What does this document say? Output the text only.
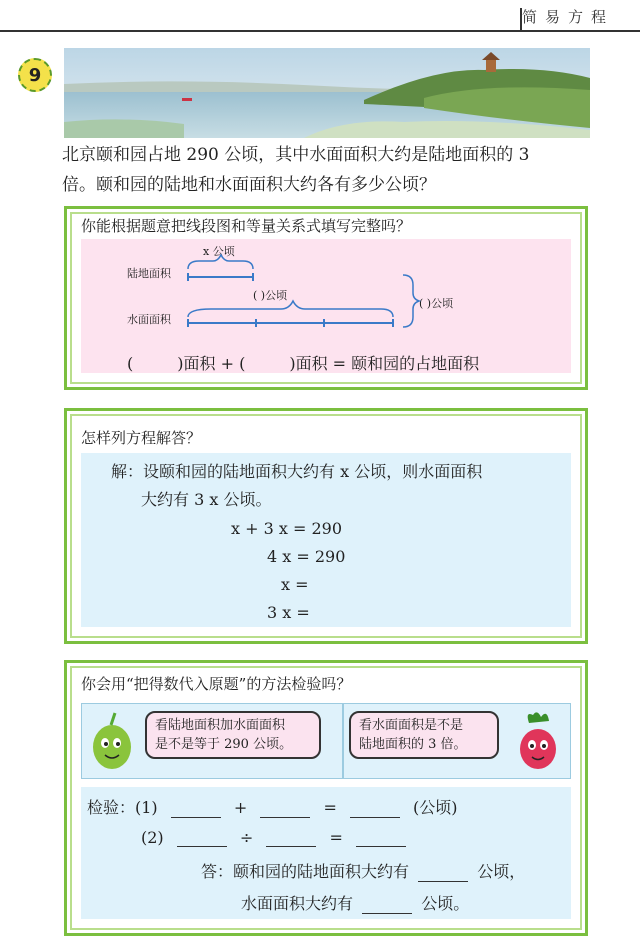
简易方程
9
北京颐和园占地 290 公顷，其中水面面积大约是陆地面积的 3
倍。颐和园的陆地和水面面积大约各有多少公顷？
你能根据题意把线段图和等量关系式填写完整吗？
x 公顷
陆地面积
水面面积
( )公顷
( )公顷
(	)面积 + (	)面积 = 颐和园的占地面积
怎样列方程解答？
解：设颐和园的陆地面积大约有 x 公顷，则水面面积
大约有 3 x 公顷。
x + 3 x = 290
4 x = 290
x =
3 x =
你会用“把得数代入原题”的方法检验吗？
看陆地面积加水面面积
是不是等于 290 公顷。
看水面面积是不是
陆地面积的 3 倍。
检验：(1)	+	=	(公顷)
(2)	÷	=
答：颐和园的陆地面积大约有	公顷，
水面面积大约有	公顷。
